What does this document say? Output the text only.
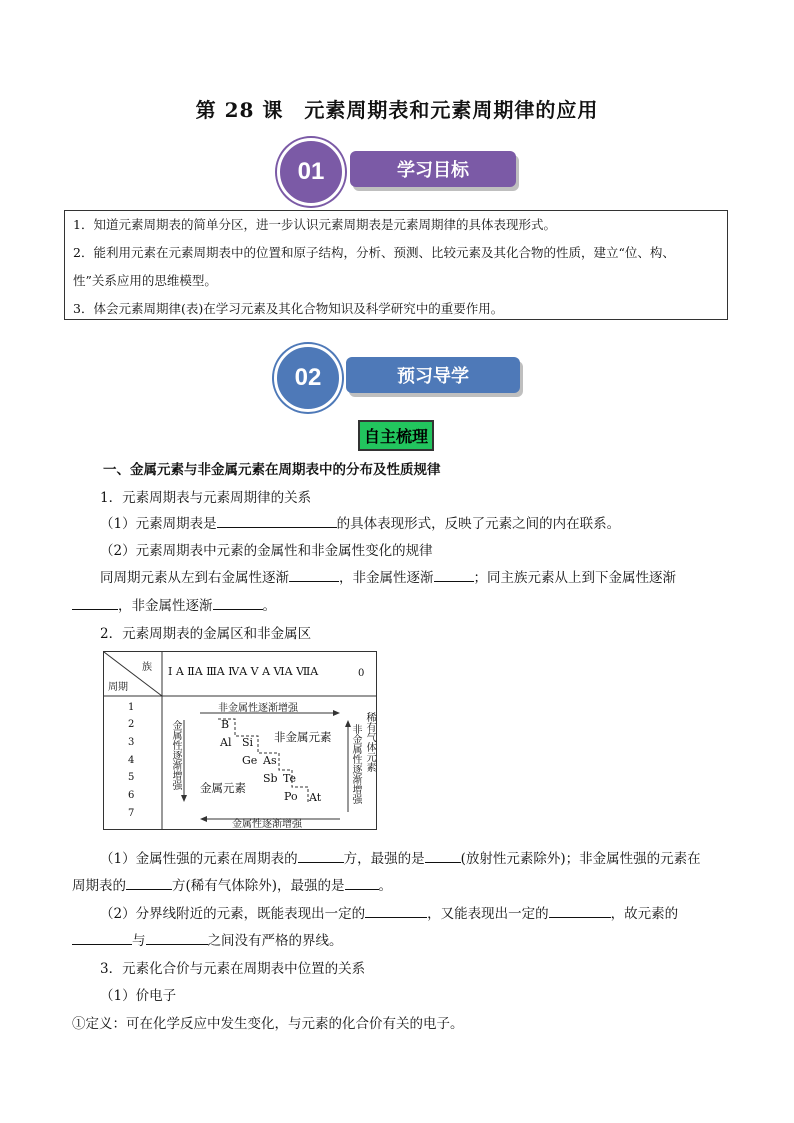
第 28 课　元素周期表和元素周期律的应用
学习目标
01
1．知道元素周期表的简单分区，进一步认识元素周期表是元素周期律的具体表现形式。
2．能利用元素在元素周期表中的位置和原子结构，分析、预测、比较元素及其化合物的性质，建立“位、构、
性”关系应用的思维模型。
3．体会元素周期律(表)在学习元素及其化合物知识及科学研究中的重要作用。
预习导学
02
自主梳理
一、金属元素与非金属元素在周期表中的分布及性质规律
1．元素周期表与元素周期律的关系
（1）元素周期表是	的具体表现形式，反映了元素之间的内在联系。
（2）元素周期表中元素的金属性和非金属性变化的规律
同周期元素从左到右金属性逐渐	，非金属性逐渐	；同主族元素从上到下金属性逐渐
，非金属性逐渐	。
2．元素周期表的金属区和非金属区
族
周期
Ⅰ A ⅡA ⅢA ⅣA V A ⅥA ⅦA	0
1
2
3
4
5
6
7
非金属性逐渐增强
金属性逐渐增强
金属性逐渐增强	非金属性逐渐增强 稀有气体元素
非金属元素
金属元素
B
Al Si
Ge As
Sb Te
Po At
（1）金属性强的元素在周期表的	方，最强的是	(放射性元素除外)；非金属性强的元素在
周期表的	方(稀有气体除外)，最强的是	。
（2）分界线附近的元素，既能表现出一定的	，又能表现出一定的	，故元素的
与	之间没有严格的界线。
3．元素化合价与元素在周期表中位置的关系
（1）价电子
①定义：可在化学反应中发生变化，与元素的化合价有关的电子。
